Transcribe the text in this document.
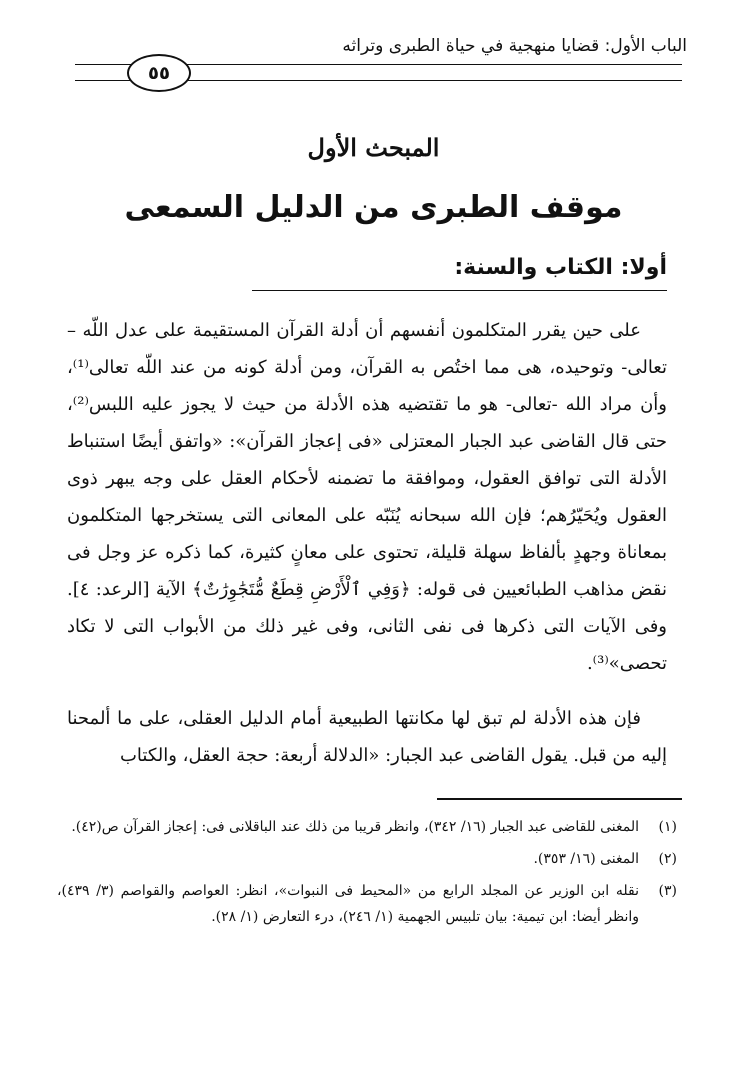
الباب الأول: قضايا منهجية في حياة الطبرى وتراثه
٥٥
المبحث الأول
موقف الطبرى من الدليل السمعى
أولا: الكتاب والسنة:

على حين يقرر المتكلمون أنفسهم أن أدلة القرآن المستقيمة على عدل اللّه – تعالى- وتوحيده، هى مما اختُص به القرآن، ومن أدلة كونه من عند اللّه تعالى⁽¹⁾، وأن مراد الله -تعالى- هو ما تقتضيه هذه الأدلة من حيث لا يجوز عليه اللبس⁽²⁾، حتى قال القاضى عبد الجبار المعتزلى «فى إعجاز القرآن»: «واتفق أيضًا استنباط الأدلة التى توافق العقول، وموافقة ما تضمنه لأحكام العقل على وجه يبهر ذوى العقول ويُحَيّرُهم؛ فإن الله سبحانه يُنَبّه على المعانى التى يستخرجها المتكلمون بمعاناة وجهدٍ بألفاظ سهلة قليلة، تحتوى على معانٍ كثيرة، كما ذكره عز وجل فى نقض مذاهب الطبائعيين فى قوله: ﴿وَفِي ٱلْأَرْضِ قِطَعٌ مُّتَجَٰوِرَٰتٌ﴾ الآية [الرعد: ٤]. وفى الآيات التى ذكرها فى نفى الثانى، وفى غير ذلك من الأبواب التى لا تكاد تحصى»⁽³⁾.

فإن هذه الأدلة لم تبق لها مكانتها الطبيعية أمام الدليل العقلى، على ما ألمحنا إليه من قبل. يقول القاضى عبد الجبار: «الدلالة أربعة: حجة العقل، والكتاب

(١)
المغنى للقاضى عبد الجبار (١٦/ ٣٤٢)، وانظر قريبا من ذلك عند الباقلانى فى: إعجاز القرآن ص(٤٢).
(٢)
المغنى (١٦/ ٣٥٣).
(٣)
نقله ابن الوزير عن المجلد الرابع من «المحيط فى النبوات»، انظر: العواصم والقواصم (٣/ ٤٣٩)، وانظر أيضا: ابن تيمية: بيان تلبيس الجهمية (١/ ٢٤٦)، درء التعارض (١/ ٢٨).
